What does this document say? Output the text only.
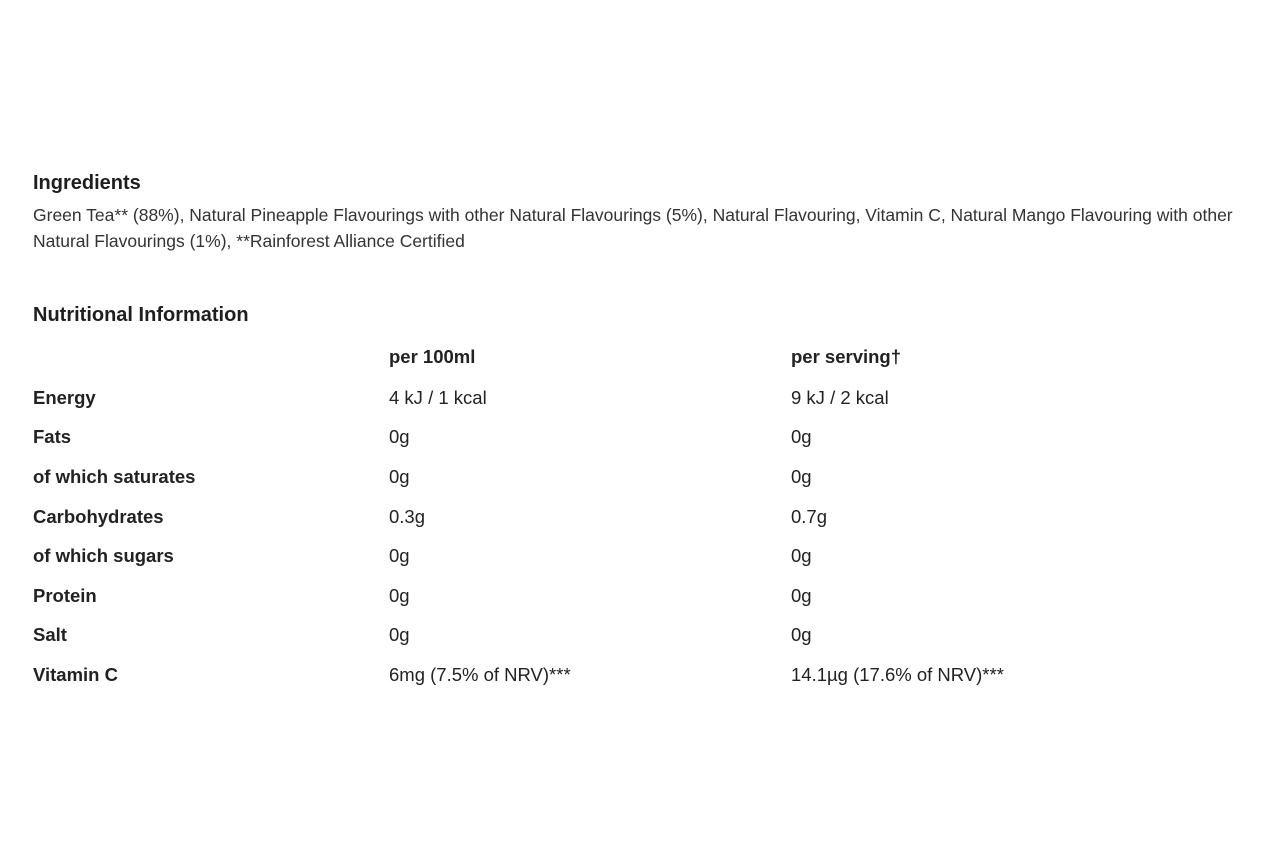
Ingredients
Green Tea** (88%), Natural Pineapple Flavourings with other Natural Flavourings (5%), Natural Flavouring, Vitamin C, Natural Mango Flavouring with other Natural Flavourings (1%), **Rainforest Alliance Certified
Nutritional Information
	per 100ml	per serving†
Energy	4 kJ / 1 kcal	9 kJ / 2 kcal
Fats	0g	0g
of which saturates	0g	0g
Carbohydrates	0.3g	0.7g
of which sugars	0g	0g
Protein	0g	0g
Salt	0g	0g
Vitamin C	6mg (7.5% of NRV)***	14.1µg (17.6% of NRV)***
